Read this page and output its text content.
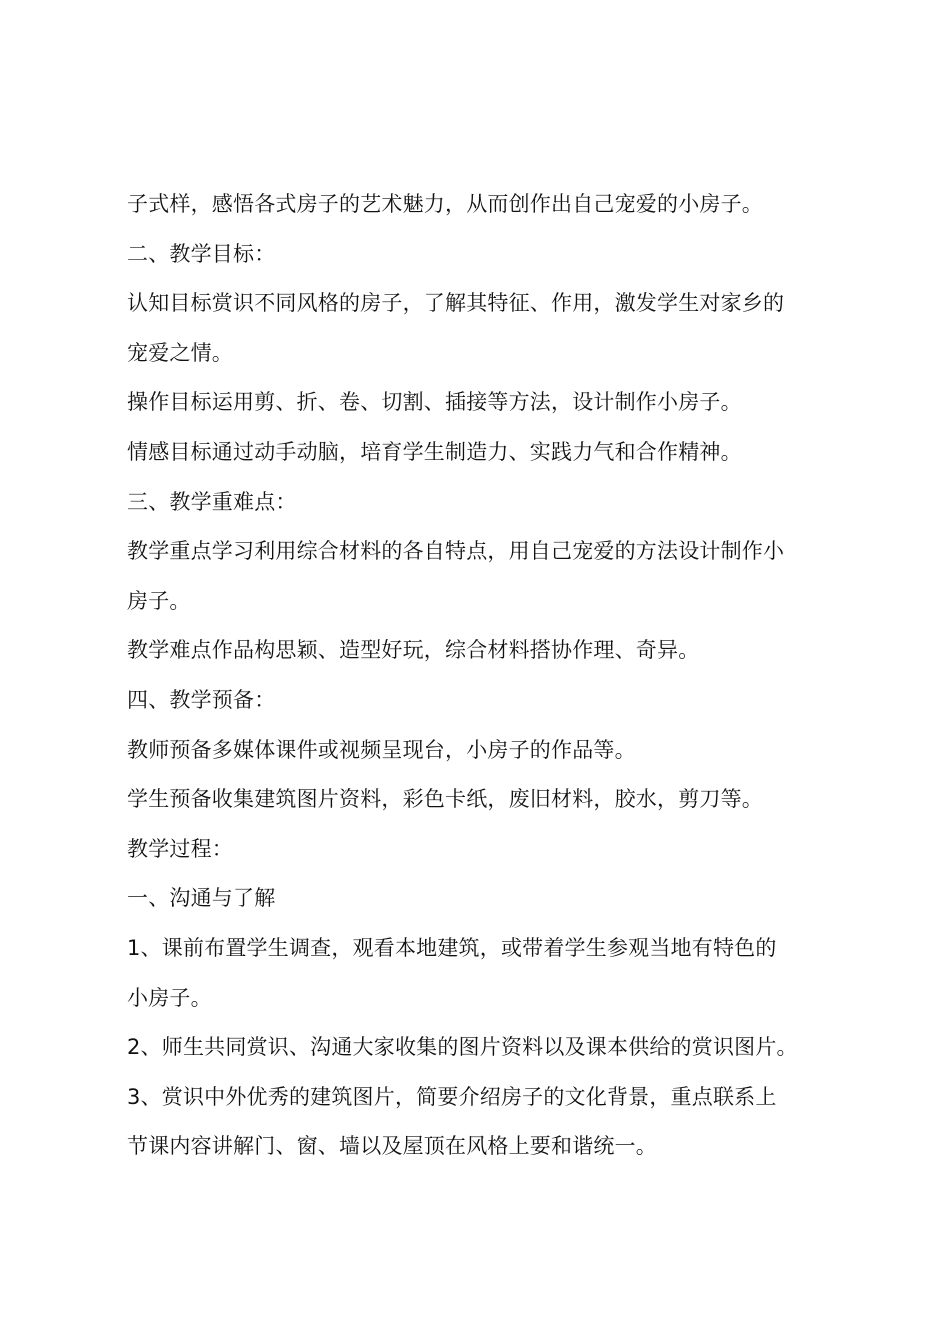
子式样，感悟各式房子的艺术魅力，从而创作出自己宠爱的小房子。
二、教学目标：
认知目标赏识不同风格的房子，了解其特征、作用，激发学生对家乡的
宠爱之情。
操作目标运用剪、折、卷、切割、插接等方法，设计制作小房子。
情感目标通过动手动脑，培育学生制造力、实践力气和合作精神。
三、教学重难点：
教学重点学习利用综合材料的各自特点，用自己宠爱的方法设计制作小
房子。
教学难点作品构思颖、造型好玩，综合材料搭协作理、奇异。
四、教学预备：
教师预备多媒体课件或视频呈现台，小房子的作品等。
学生预备收集建筑图片资料，彩色卡纸，废旧材料，胶水，剪刀等。
教学过程：
一、沟通与了解
1、课前布置学生调查，观看本地建筑，或带着学生参观当地有特色的
小房子。
2、师生共同赏识、沟通大家收集的图片资料以及课本供给的赏识图片。
3、赏识中外优秀的建筑图片，简要介绍房子的文化背景，重点联系上
节课内容讲解门、窗、墙以及屋顶在风格上要和谐统一。
